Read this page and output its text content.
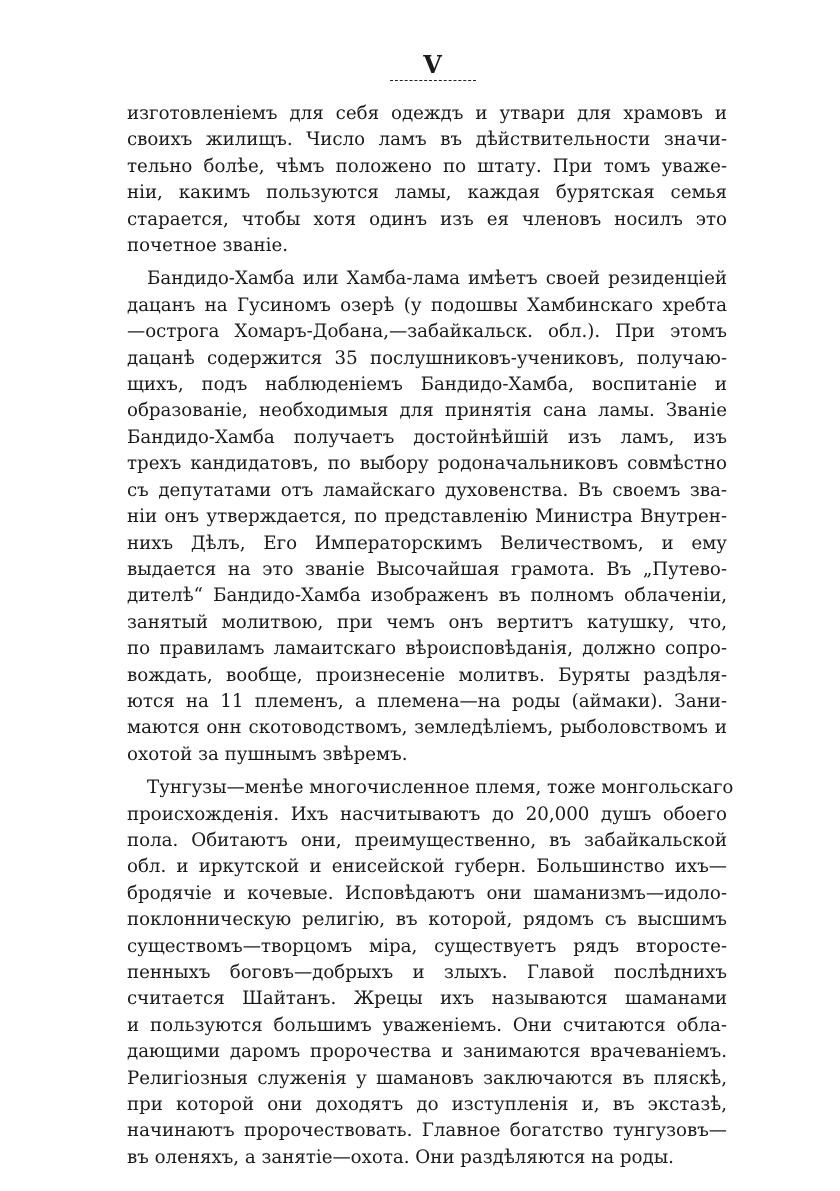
V

изготовленіемъ для себя одеждъ и утвари для храмовъ и
своихъ жилищъ. Число ламъ въ дѣйствительности значи-
тельно болѣе, чѣмъ положено по штату. При томъ уваже-
ніи, какимъ пользуются ламы, каждая бурятская семья
старается, чтобы хотя одинъ изъ ея членовъ носилъ это
почетное званіе.

Бандидо-Хамба или Хамба-лама имѣетъ своей резиденціей
дацанъ на Гусиномъ озерѣ (у подошвы Хамбинскаго хребта
—острога Хомаръ-Добана,—забайкальск. обл.). При этомъ
дацанѣ содержится 35 послушниковъ-учениковъ, получаю-
щихъ, подъ наблюденіемъ Бандидо-Хамба, воспитаніе и
образованіе, необходимыя для принятія сана ламы. Званіе
Бандидо-Хамба получаетъ достойнѣйшій изъ ламъ, изъ
трехъ кандидатовъ, по выбору родоначальниковъ совмѣстно
съ депутатами отъ ламайскаго духовенства. Въ своемъ зва-
ніи онъ утверждается, по представленію Министра Внутрен-
нихъ Дѣлъ, Его Императорскимъ Величествомъ, и ему
выдается на это званіе Высочайшая грамота. Въ „Путево-
дителѣ“ Бандидо-Хамба изображенъ въ полномъ облаченіи,
занятый молитвою, при чемъ онъ вертитъ катушку, что,
по правиламъ ламаитскаго вѣроисповѣданія, должно сопро-
вождать, вообще, произнесеніе молитвъ. Буряты раздѣля-
ются на 11 племенъ, а племена—на роды (аймаки). Зани-
маются онн скотоводствомъ, земледѣліемъ, рыболовствомъ и
охотой за пушнымъ звѣремъ.

Тунгузы—менѣе многочисленное племя, тоже монгольскаго
происхожденія. Ихъ насчитываютъ до 20,000 душъ обоего
пола. Обитаютъ они, преимущественно, въ забайкальской
обл. и иркутской и енисейской губерн. Большинство ихъ—
бродячіе и кочевые. Исповѣдаютъ они шаманизмъ—идоло-
поклонническую религію, въ которой, рядомъ съ высшимъ
существомъ—творцомъ міра, существуетъ рядъ второсте-
пенныхъ боговъ—добрыхъ и злыхъ. Главой послѣднихъ
считается Шайтанъ. Жрецы ихъ называются шаманами
и пользуются большимъ уваженіемъ. Они считаются обла-
дающими даромъ пророчества и занимаются врачеваніемъ.
Религіозныя служенія у шамановъ заключаются въ пляскѣ,
при которой они доходятъ до изступленія и, въ экстазѣ,
начинаютъ пророчествовать. Главное богатство тунгузовъ—
въ оленяхъ, а занятіе—охота. Они раздѣляются на роды.
